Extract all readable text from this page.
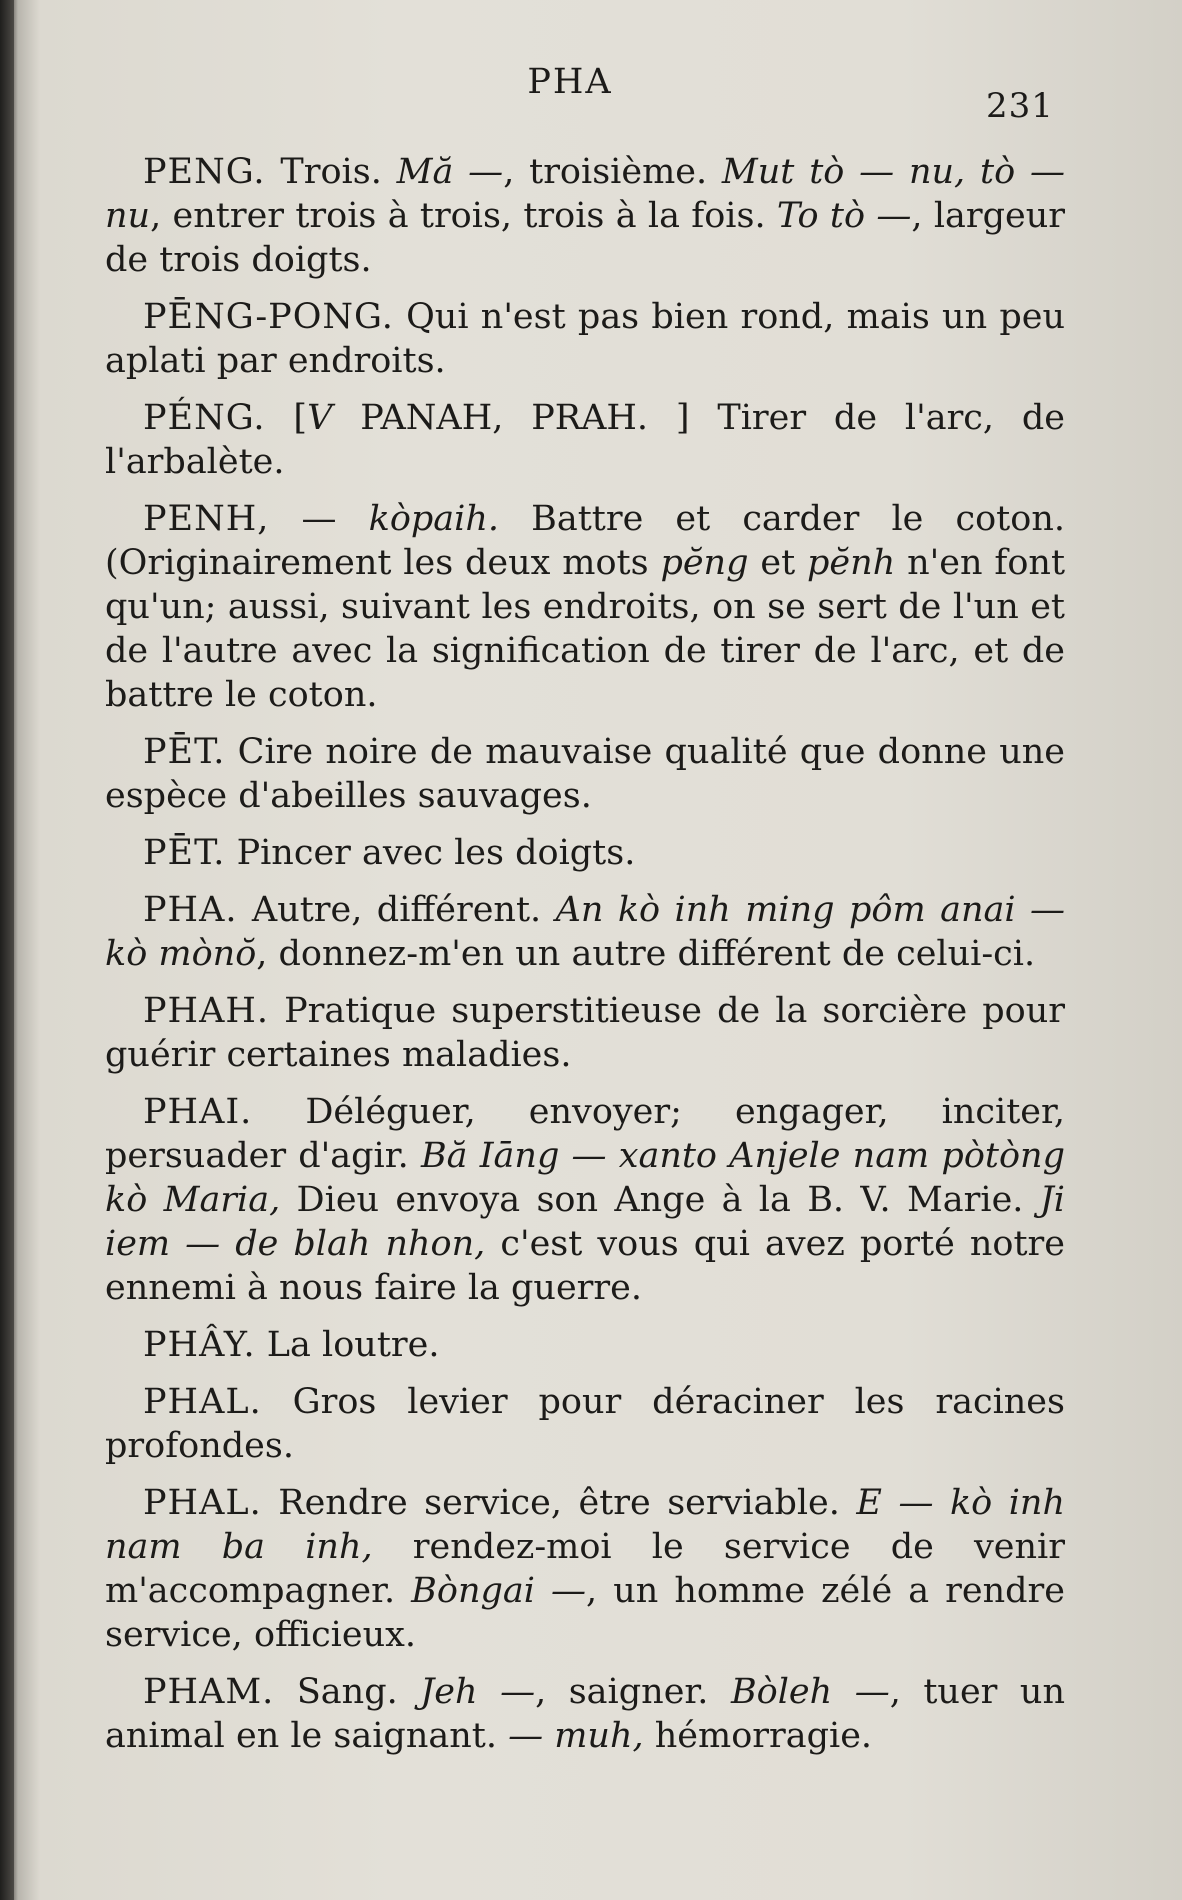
PHA
231

PENG. Trois. Mă —, troisième. Mut tò — nu, tò — nu, entrer trois à trois, trois à la fois. To tò —, largeur de trois doigts.

PĒNG-PONG. Qui n'est pas bien rond, mais un peu aplati par endroits.

PÉNG. [V PANAH, PRAH. ] Tirer de l'arc, de l'arbalète.

PENH, — kòpaih. Battre et carder le coton. (Originairement les deux mots pĕng et pĕnh n'en font qu'un; aussi, suivant les endroits, on se sert de l'un et de l'autre avec la signification de tirer de l'arc, et de battre le coton.

PĒT. Cire noire de mauvaise qualité que donne une espèce d'abeilles sauvages.

PĒT. Pincer avec les doigts.

PHA. Autre, différent. An kò inh ming pôm anai — kò mònŏ, donnez-m'en un autre différent de celui-ci.

PHAH. Pratique superstitieuse de la sorcière pour guérir certaines maladies.

PHAI. Déléguer, envoyer; engager, inciter, persuader d'agir. Bă Iāng — xanto Anjele nam pòtòng kò Maria, Dieu envoya son Ange à la B. V. Marie. Ji iem — de blah nhon, c'est vous qui avez porté notre ennemi à nous faire la guerre.

PHÂY. La loutre.

PHAL. Gros levier pour déraciner les racines profondes.

PHAL. Rendre service, être serviable. E — kò inh nam ba inh, rendez-moi le service de venir m'accompagner. Bòngai —, un homme zélé a rendre service, officieux.

PHAM. Sang. Jeh —, saigner. Bòleh —, tuer un animal en le saignant. — muh, hémorragie.
